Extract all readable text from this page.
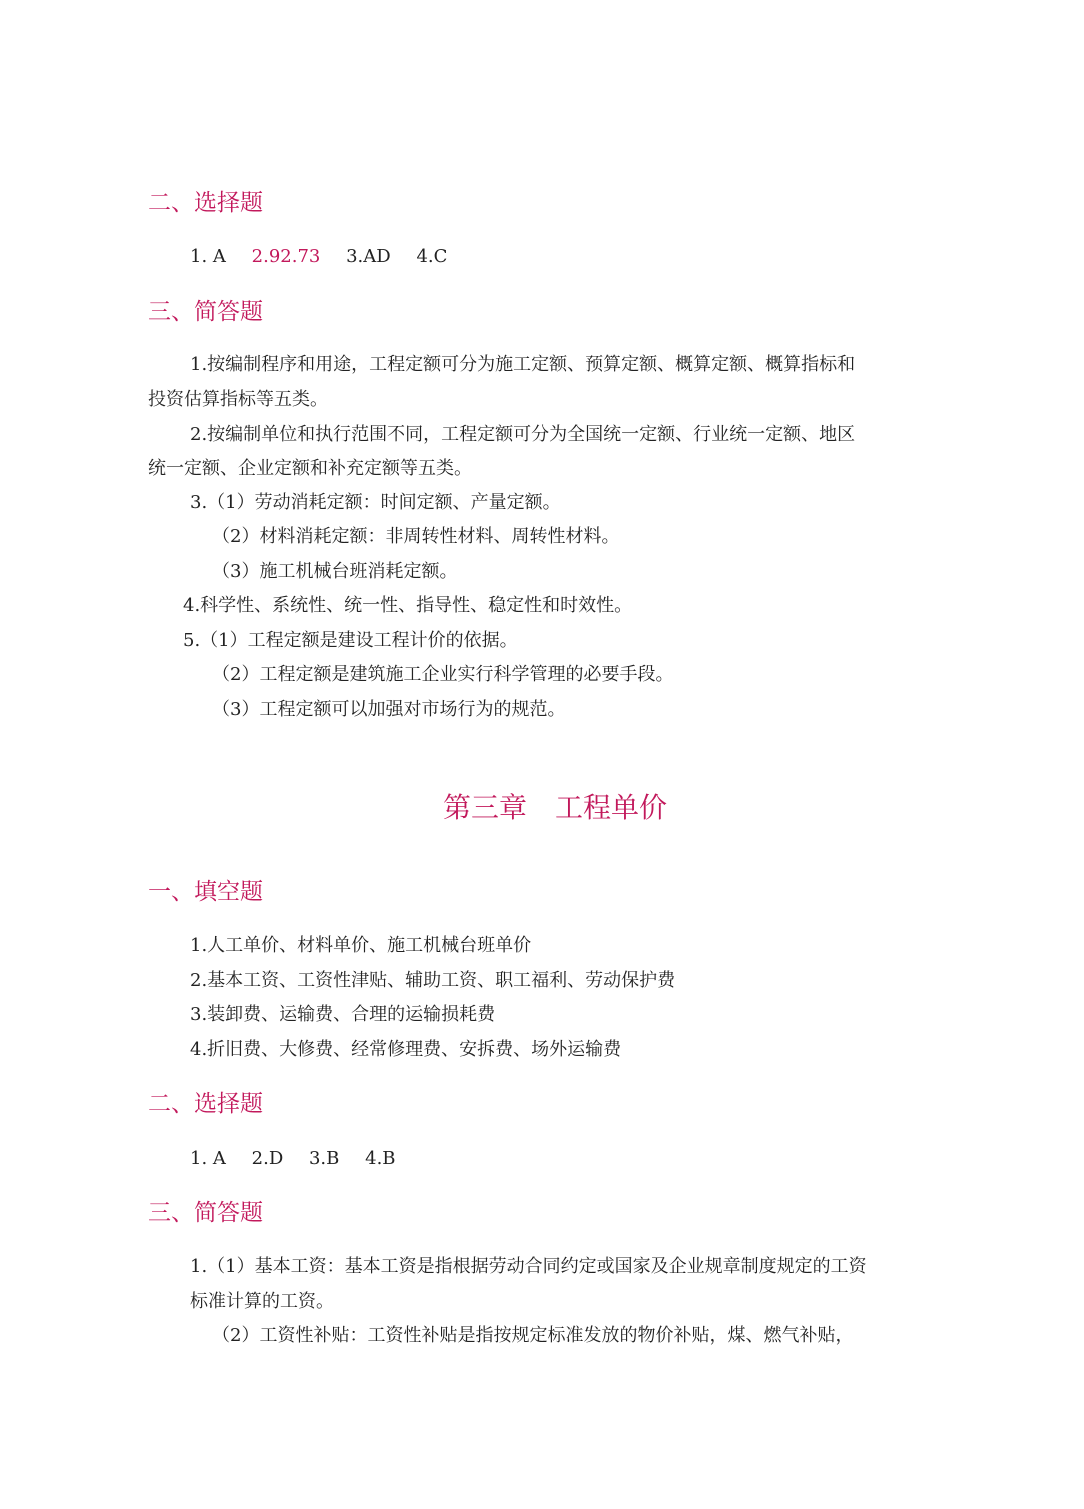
二、选择题
1. A 2.92.73 3.AD 4.C
三、简答题
1.按编制程序和用途，工程定额可分为施工定额、预算定额、概算定额、概算指标和
投资估算指标等五类。
2.按编制单位和执行范围不同，工程定额可分为全国统一定额、行业统一定额、地区
统一定额、企业定额和补充定额等五类。
3.（1）劳动消耗定额：时间定额、产量定额。
（2）材料消耗定额：非周转性材料、周转性材料。
（3）施工机械台班消耗定额。
4.科学性、系统性、统一性、指导性、稳定性和时效性。
5.（1）工程定额是建设工程计价的依据。
（2）工程定额是建筑施工企业实行科学管理的必要手段。
（3）工程定额可以加强对市场行为的规范。
第三章 工程单价
一、填空题
1.人工单价、材料单价、施工机械台班单价
2.基本工资、工资性津贴、辅助工资、职工福利、劳动保护费
3.装卸费、运输费、合理的运输损耗费
4.折旧费、大修费、经常修理费、安拆费、场外运输费
二、选择题
1. A 2.D 3.B 4.B
三、简答题
1.（1）基本工资：基本工资是指根据劳动合同约定或国家及企业规章制度规定的工资
标准计算的工资。
（2）工资性补贴：工资性补贴是指按规定标准发放的物价补贴，煤、燃气补贴，
